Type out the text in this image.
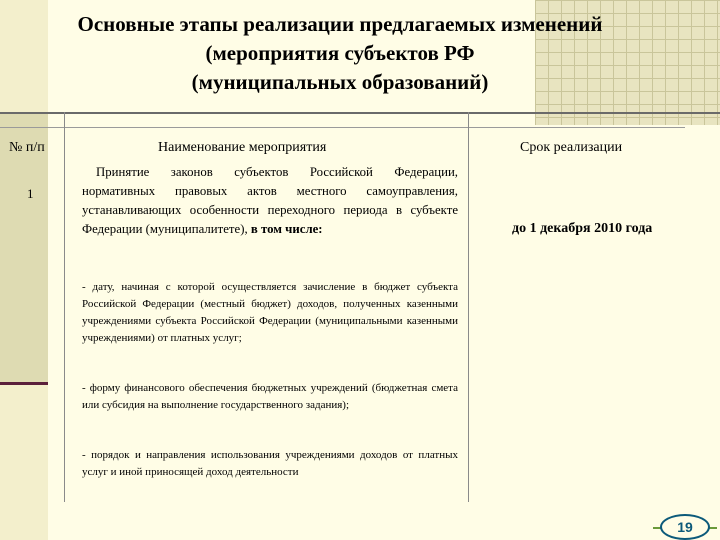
Основные этапы реализации предлагаемых изменений
(мероприятия субъектов РФ
(муниципальных образований)
№ п/п	Наименование мероприятия	Срок реализации
1
Принятие законов субъектов Российской Федерации, нормативных правовых актов местного самоуправления, устанавливающих особенности переходного периода в субъекте Федерации (муниципалитете), в том числе:
- дату, начиная с которой осуществляется зачисление в бюджет субъекта Российской Федерации (местный бюджет) доходов, полученных казенными учреждениями субъекта Российской Федерации (муниципальными казенными учреждениями) от платных услуг;
- форму финансового обеспечения бюджетных учреждений (бюджетная смета или субсидия на выполнение государственного задания);
- порядок и направления использования учреждениями доходов от платных услуг и иной приносящей доход деятельности
до 1 декабря 2010 года
19
